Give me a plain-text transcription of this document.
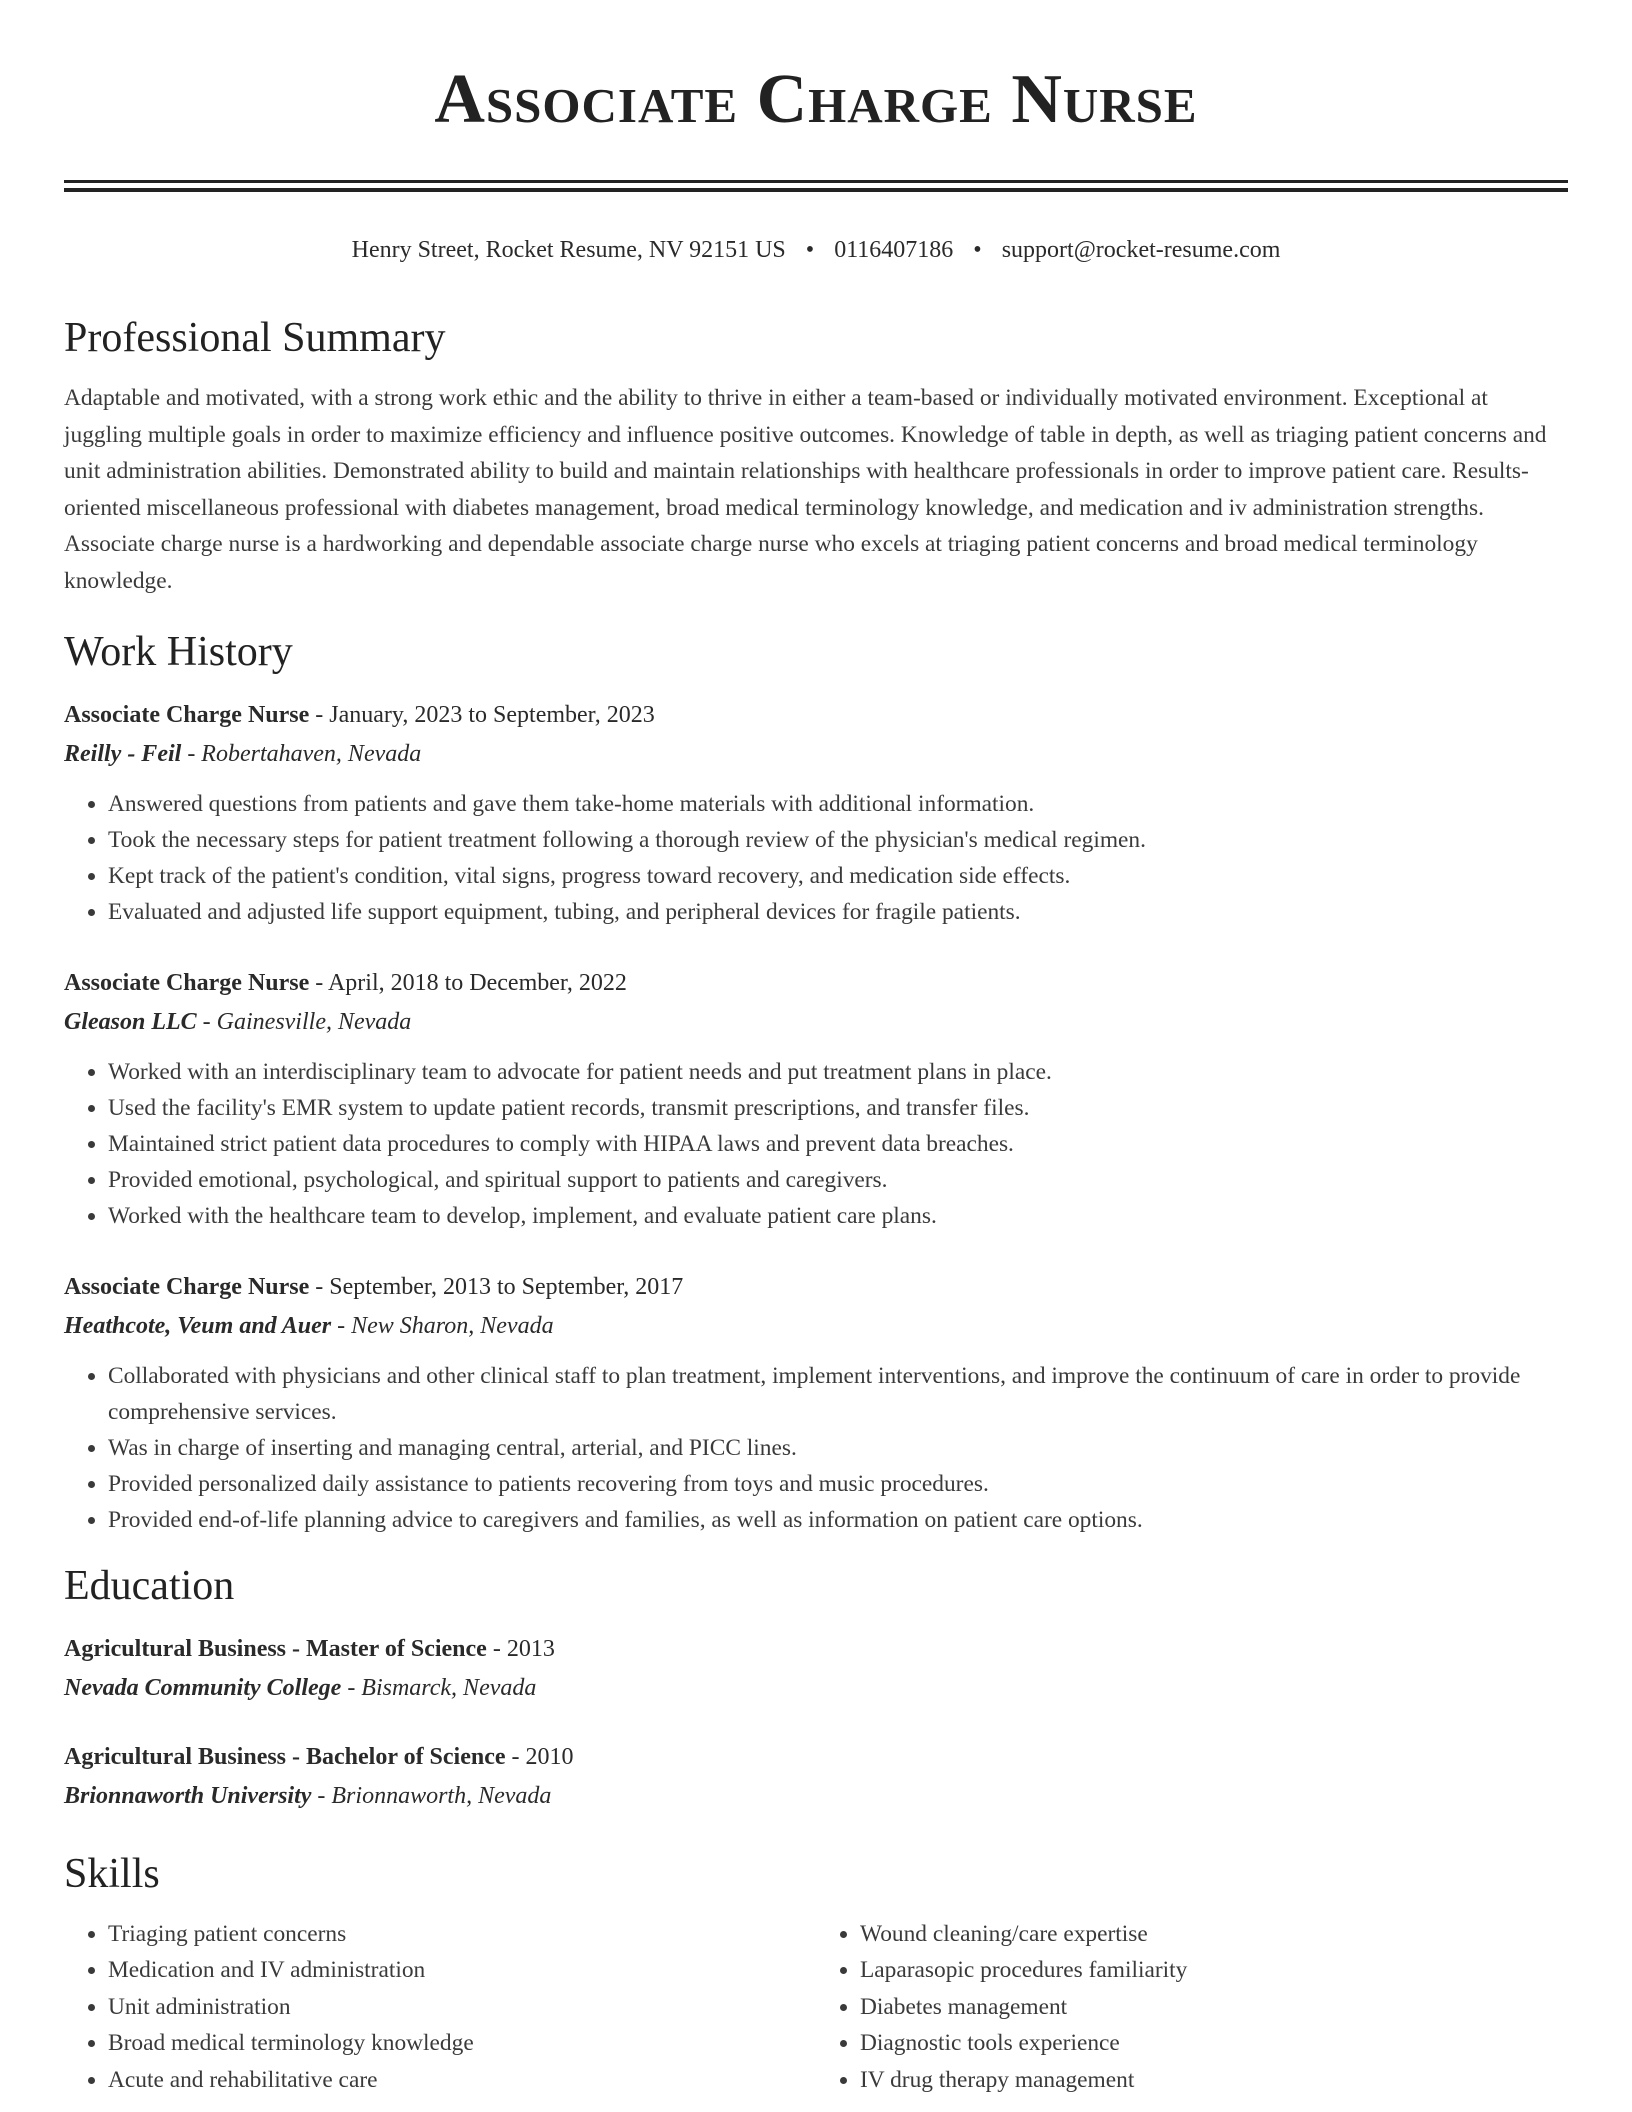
Associate Charge Nurse
Henry Street, Rocket Resume, NV 92151 US • 0116407186 • support@rocket-resume.com
Professional Summary
Adaptable and motivated, with a strong work ethic and the ability to thrive in either a team-based or individually motivated environment. Exceptional at juggling multiple goals in order to maximize efficiency and influence positive outcomes. Knowledge of table in depth, as well as triaging patient concerns and unit administration abilities. Demonstrated ability to build and maintain relationships with healthcare professionals in order to improve patient care. Results-oriented miscellaneous professional with diabetes management, broad medical terminology knowledge, and medication and iv administration strengths. Associate charge nurse is a hardworking and dependable associate charge nurse who excels at triaging patient concerns and broad medical terminology knowledge.
Work History
Associate Charge Nurse - January, 2023 to September, 2023
Reilly - Feil - Robertahaven, Nevada
• Answered questions from patients and gave them take-home materials with additional information.
• Took the necessary steps for patient treatment following a thorough review of the physician's medical regimen.
• Kept track of the patient's condition, vital signs, progress toward recovery, and medication side effects.
• Evaluated and adjusted life support equipment, tubing, and peripheral devices for fragile patients.
Associate Charge Nurse - April, 2018 to December, 2022
Gleason LLC - Gainesville, Nevada
• Worked with an interdisciplinary team to advocate for patient needs and put treatment plans in place.
• Used the facility's EMR system to update patient records, transmit prescriptions, and transfer files.
• Maintained strict patient data procedures to comply with HIPAA laws and prevent data breaches.
• Provided emotional, psychological, and spiritual support to patients and caregivers.
• Worked with the healthcare team to develop, implement, and evaluate patient care plans.
Associate Charge Nurse - September, 2013 to September, 2017
Heathcote, Veum and Auer - New Sharon, Nevada
• Collaborated with physicians and other clinical staff to plan treatment, implement interventions, and improve the continuum of care in order to provide comprehensive services.
• Was in charge of inserting and managing central, arterial, and PICC lines.
• Provided personalized daily assistance to patients recovering from toys and music procedures.
• Provided end-of-life planning advice to caregivers and families, as well as information on patient care options.
Education
Agricultural Business - Master of Science - 2013
Nevada Community College - Bismarck, Nevada
Agricultural Business - Bachelor of Science - 2010
Brionnaworth University - Brionnaworth, Nevada
Skills
• Triaging patient concerns
• Medication and IV administration
• Unit administration
• Broad medical terminology knowledge
• Acute and rehabilitative care
• Wound cleaning/care expertise
• Laparasopic procedures familiarity
• Diabetes management
• Diagnostic tools experience
• IV drug therapy management
